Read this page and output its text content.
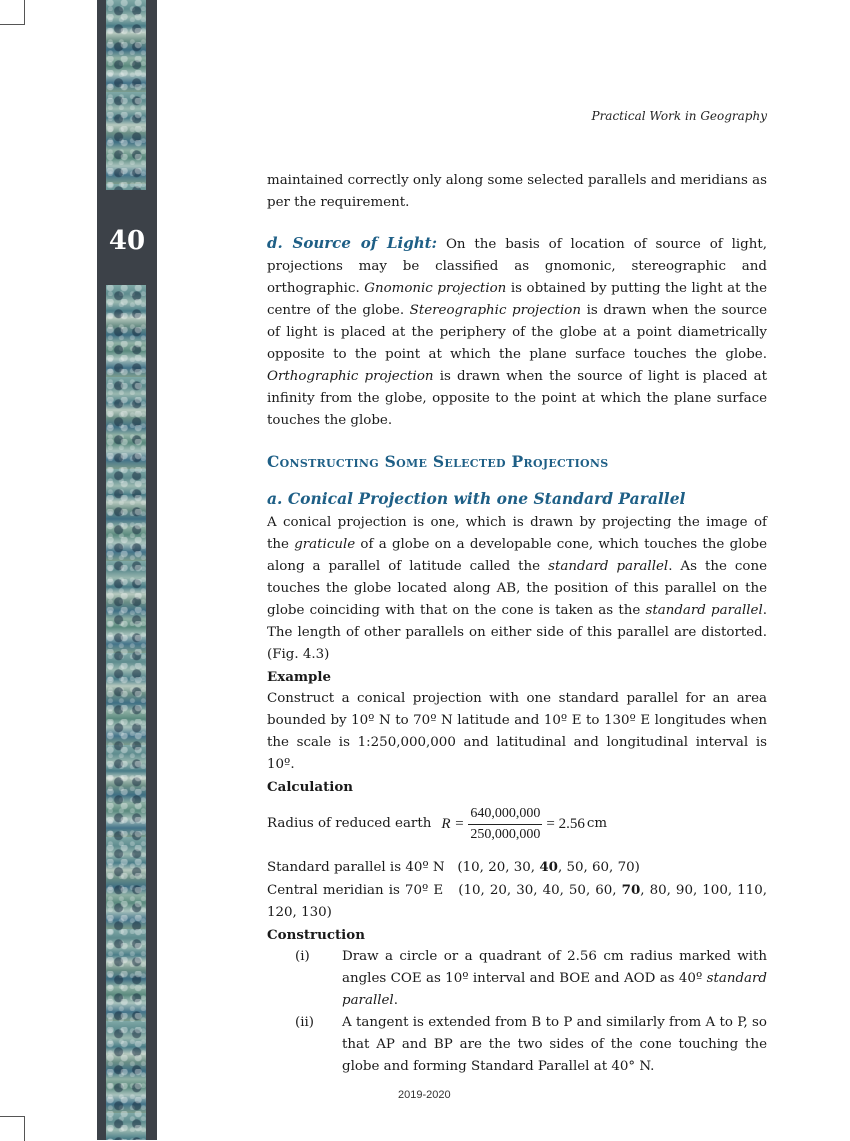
40
Practical Work in Geography

maintained correctly only along some selected parallels and meridians as per the requirement.

d. Source of Light: On the basis of location of source of light, projections may be classified as gnomonic, stereographic and orthographic. Gnomonic projection is obtained by putting the light at the centre of the globe. Stereographic projection is drawn when the source of light is placed at the periphery of the globe at a point diametrically opposite to the point at which the plane surface touches the globe. Orthographic projection is drawn when the source of light is placed at infinity from the globe, opposite to the point at which the plane surface touches the globe.

Constructing Some Selected Projections
a. Conical Projection with one Standard Parallel

A conical projection is one, which is drawn by projecting the image of the graticule of a globe on a developable cone, which touches the globe along a parallel of latitude called the standard parallel. As the cone touches the globe located along AB, the position of this parallel on the globe coinciding with that on the cone is taken as the standard parallel. The length of other parallels on either side of this parallel are distorted. (Fig. 4.3)

Example

Construct a conical projection with one standard parallel for an area bounded by 10º N to 70º N latitude and 10º E to 130º E longitudes when the scale is 1:250,000,000 and latitudinal and longitudinal interval is 10º.

Calculation

Radius of reduced earth $R = \frac{640,000,000}{250,000,000} = 2.56$ cm

Standard parallel is 40º N (10, 20, 30, 40, 50, 60, 70)

Central meridian is 70º E (10, 20, 30, 40, 50, 60, 70, 80, 90, 100, 110, 120, 130)

Construction

(i)	Draw a circle or a quadrant of 2.56 cm radius marked with angles COE as 10º interval and BOE and AOD as 40º standard parallel.
(ii)	A tangent is extended from B to P and similarly from A to P, so that AP and BP are the two sides of the cone touching the globe and forming Standard Parallel at 40° N.
2019-2020
